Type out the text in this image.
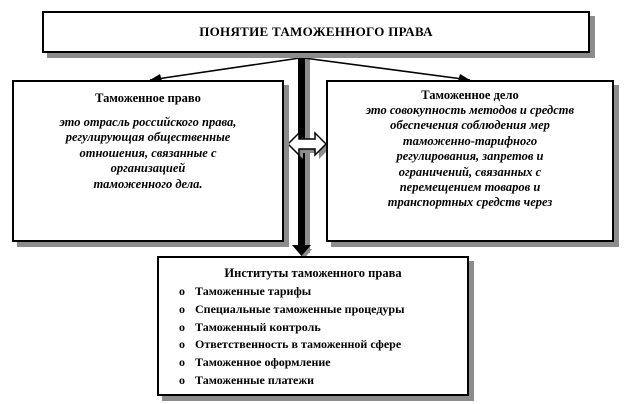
ПОНЯТИЕ ТАМОЖЕННОГО ПРАВА
Таможенное право
это отрасль российского права,
регулирующая общественные
отношения, связанные с
организацией
таможенного дела.
Таможенное дело
это совокупность методов и средств
обеспечения соблюдения мер
таможенно-тарифного
регулирования, запретов и
ограничений, связанных с
перемещением товаров и
транспортных средств через
Институты таможенного права
o Таможенные тарифы
o Специальные таможенные процедуры
o Таможенный контроль
o Ответственность в таможенной сфере
o Таможенное оформление
o Таможенные платежи
